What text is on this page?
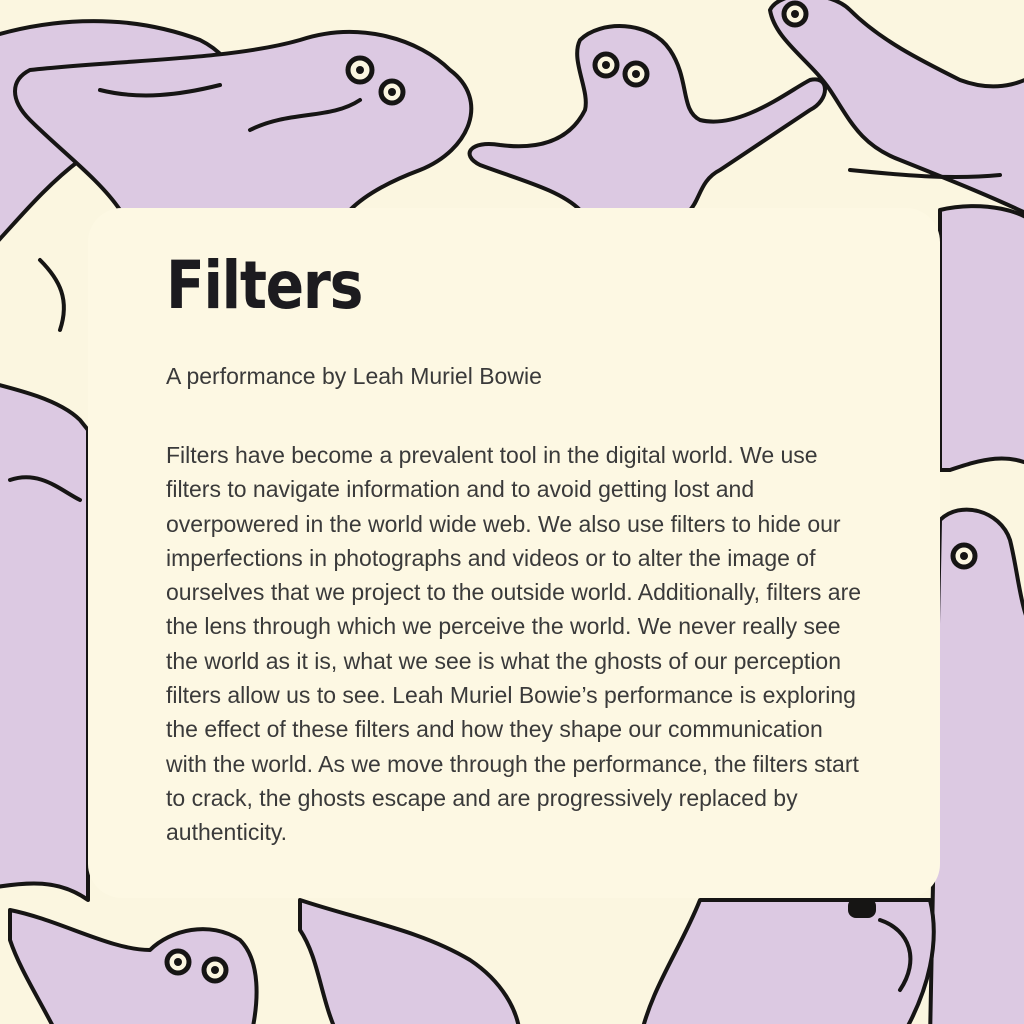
Filters

A performance by Leah Muriel Bowie

Filters have become a prevalent tool in the digital world. We use filters to navigate information and to avoid getting lost and overpowered in the world wide web. We also use filters to hide our imperfections in photographs and videos or to alter the image of ourselves that we project to the outside world. Additionally, filters are the lens through which we perceive the world. We never really see the world as it is, what we see is what the ghosts of our perception filters allow us to see. Leah Muriel Bowie’s performance is exploring the effect of these filters and how they shape our communication with the world. As we move through the performance, the filters start to crack, the ghosts escape and are progressively replaced by authenticity.
